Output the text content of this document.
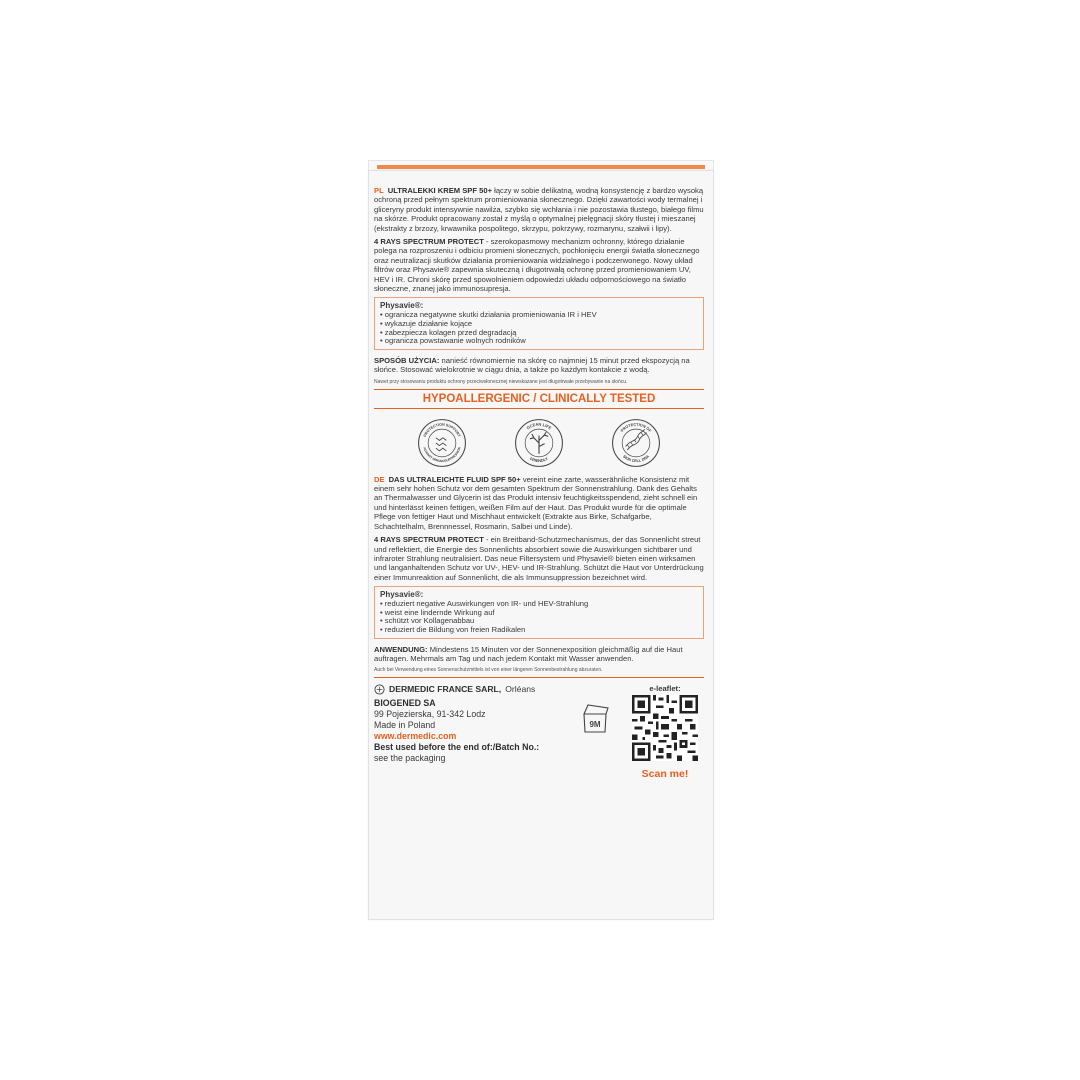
PL ULTRALEKKI KREM SPF 50+ łączy w sobie delikatną, wodną konsystencję z bardzo wysoką ochroną przed pełnym spektrum promieniowania słonecznego. Dzięki zawartości wody termalnej i gliceryny produkt intensywnie nawilża, szybko się wchłania i nie pozostawia tłustego, białego filmu na skórze. Produkt opracowany został z myślą o optymalnej pielęgnacji skóry tłustej i mieszanej (ekstrakty z brzozy, krwawnika pospolitego, skrzypu, pokrzywy, rozmarynu, szałwii i lipy).

4 RAYS SPECTRUM PROTECT - szerokopasmowy mechanizm ochronny, którego działanie polega na rozproszeniu i odbiciu promieni słonecznych, pochłonięciu energii światła słonecznego oraz neutralizacji skutków działania promieniowania widzialnego i podczerwonego. Nowy układ filtrów oraz Physavie® zapewnia skuteczną i długotrwałą ochronę przed promieniowaniem UV, HEV i IR. Chroni skórę przed spowolnieniem odpowiedzi układu odpornościowego na światło słoneczne, znanej jako immunosupresja.

Physavie®:
• ogranicza negatywne skutki działania promieniowania IR i HEV
• wykazuje działanie kojące
• zabezpiecza kolagen przed degradacją
• ogranicza powstawanie wolnych rodników

SPOSÓB UŻYCIA: nanieść równomiernie na skórę co najmniej 15 minut przed ekspozycją na słońce. Stosować wielokrotnie w ciągu dnia, a także po każdym kontakcie z wodą.

Nawet przy stosowaniu produktu ochrony przeciwsłonecznej niewskazane jest długotrwałe przebywanie na słońcu.
HYPOALLERGENIC / CLINICALLY TESTED
PROTECTION SUPPORT
AGAINST IMMUNOSUPPRESSION
OCEAN LIFE
FRIENDLY
PROTECTION OF
SKIN CELL DNA

DE DAS ULTRALEICHTE FLUID SPF 50+ vereint eine zarte, wasserähnliche Konsistenz mit einem sehr hohen Schutz vor dem gesamten Spektrum der Sonnenstrahlung. Dank des Gehalts an Thermalwasser und Glycerin ist das Produkt intensiv feuchtigkeitsspendend, zieht schnell ein und hinterlässt keinen fettigen, weißen Film auf der Haut. Das Produkt wurde für die optimale Pflege von fettiger Haut und Mischhaut entwickelt (Extrakte aus Birke, Schafgarbe, Schachtelhalm, Brennnessel, Rosmarin, Salbei und Linde).

4 RAYS SPECTRUM PROTECT - ein Breitband-Schutzmechanismus, der das Sonnenlicht streut und reflektiert, die Energie des Sonnenlichts absorbiert sowie die Auswirkungen sichtbarer und infraroter Strahlung neutralisiert. Das neue Filtersystem und Physavie® bieten einen wirksamen und langanhaltenden Schutz vor UV-, HEV- und IR-Strahlung. Schützt die Haut vor Unterdrückung einer Immunreaktion auf Sonnenlicht, die als Immunsuppression bezeichnet wird.

Physavie®:
• reduziert negative Auswirkungen von IR- und HEV-Strahlung
• weist eine lindernde Wirkung auf
• schützt vor Kollagenabbau
• reduziert die Bildung von freien Radikalen

ANWENDUNG: Mindestens 15 Minuten vor der Sonnenexposition gleichmäßig auf die Haut auftragen. Mehrmals am Tag und nach jedem Kontakt mit Wasser anwenden.

Auch bei Verwendung eines Sonnenschutzmittels ist von einer längeren Sonnenbestrahlung abzuraten.
DERMEDIC FRANCE SARL, Orléans
BIOGENED SA
99 Pojezierska, 91-342 Lodz
Made in Poland
www.dermedic.com
Best used before the end of:/Batch No.:
see the packaging
9M
e-leaflet:
Scan me!
